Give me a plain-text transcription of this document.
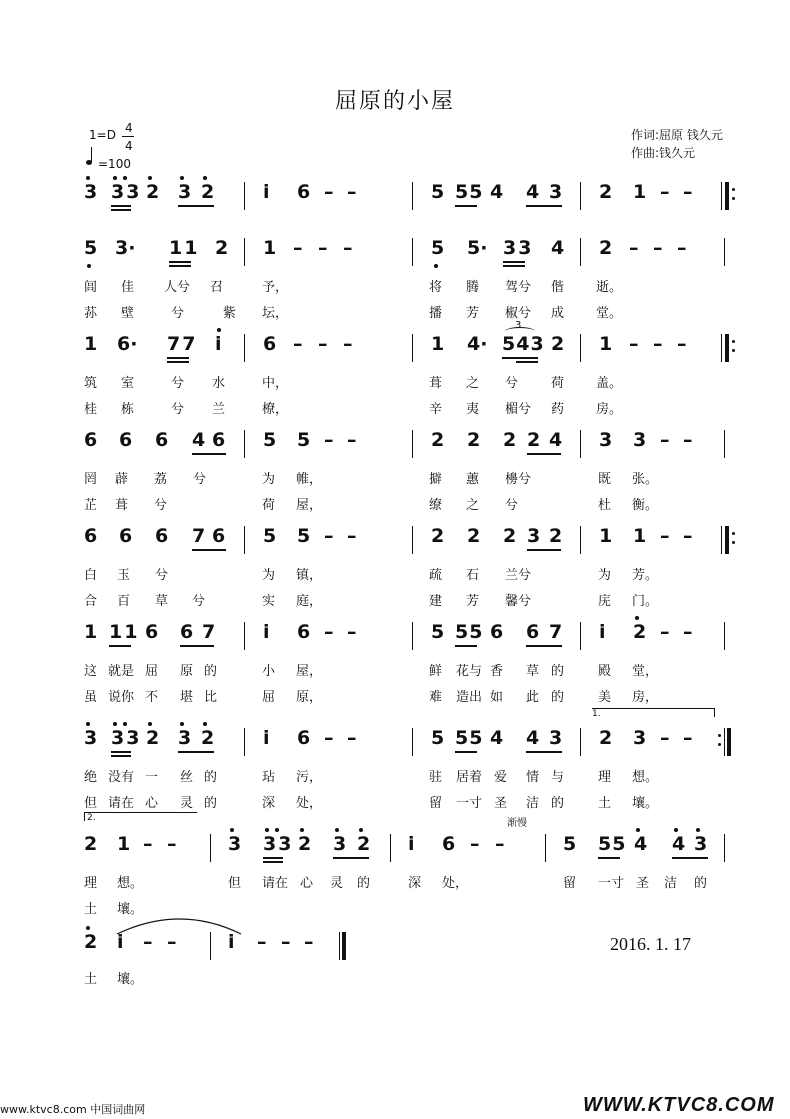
屈原的小屋
1=D 4
4
=100
作词:屈原 钱久元
作曲:钱久元
3 33 2 3 2	i 6 – –	5 55 4 4 3 2 1 – –
5 3· 11 2 1 – – –	5 5· 33 4 2 – – –
闾 佳 人兮 召	予，	将 腾 驾兮 偕 逝。
荪 壁	兮	紫 坛，	播 芳 椒兮 成 堂。
1 6· 77 i 6 – – –	1 4· 543 2 1 – – –
3
筑 室	兮 水	中，	葺 之 兮	荷 盖。
桂 栋	兮 兰	橑，	辛 夷 楣兮 药 房。
6 6 6 4 6 5 5 – –	2 2 2 2 4 3 3 – –
罔 薜 荔 兮	为 帷，	擗 蕙 櫋兮	既 张。
芷 葺 兮	荷 屋，	缭 之 兮	杜 衡。
6 6 6 7 6 5 5 – –	2 2 2 3 2 1 1 – –
白 玉 兮	为 镇，	疏 石 兰兮	为 芳。
合 百 草 兮	实 庭，	建 芳 馨兮	庑 门。
1 11 6 6 7	i 6 – –	5 55 6 6 7 i 2 – –
这 就是 屈 原 的	小 屋，	鲜 花与 香 草 的	殿 堂，
虽 说你 不 堪 比	屈 原，	难 造出 如 此 的	美 房，
1.
3 33 2 3 2	i 6 – –	5 55 4 4 3 2 3 – –
绝 没有 一 丝 的	玷 污，	驻 居着 爱 情 与	理 想。
但 请在 心 灵 的	深 处，	留 一寸 圣 洁 的	土 壤。
2.	渐慢
2 1 – –	3 33 2 3 2 i 6 – –	5 55 4 4 3
理 想。	但 请在 心 灵 的	深 处，	留 一寸 圣 洁 的
土 壤。
2 i – –	i – – –	2016. 1. 17
土 壤。
www.ktvc8.com 中国词曲网	WWW.KTVC8.COM
